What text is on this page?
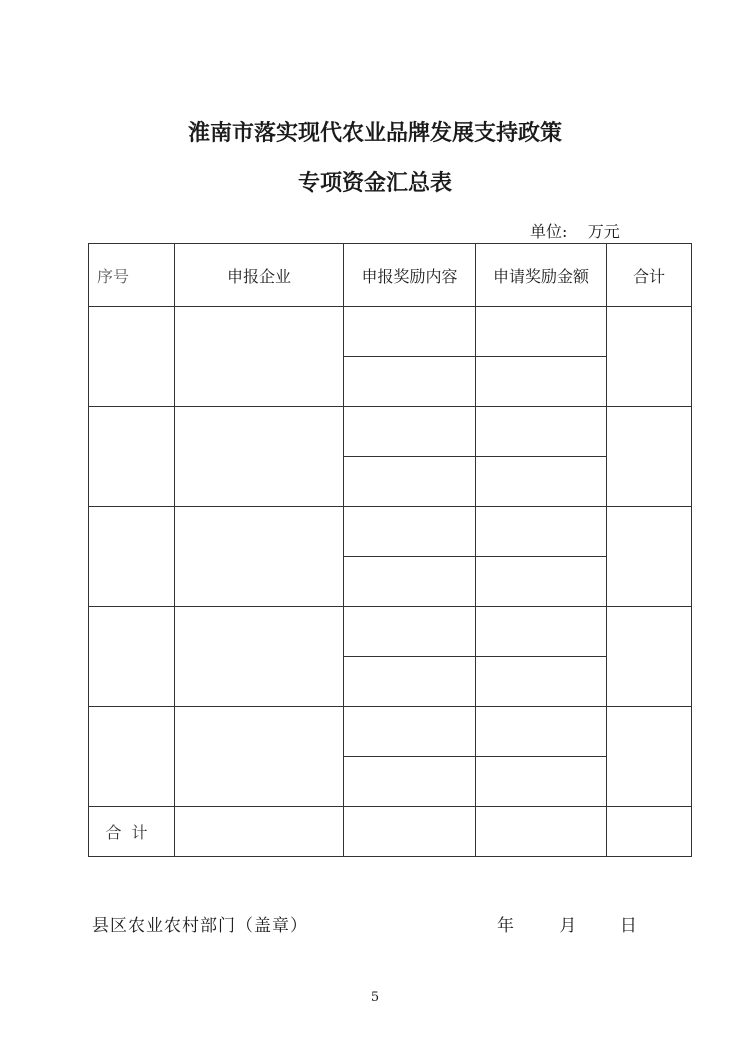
淮南市落实现代农业品牌发展支持政策
专项资金汇总表
单位: 万元
序号	申报企业	申报奖励内容	申请奖励金额	合计

合计				
县区农业农村部门（盖章）	年	月	日
5
